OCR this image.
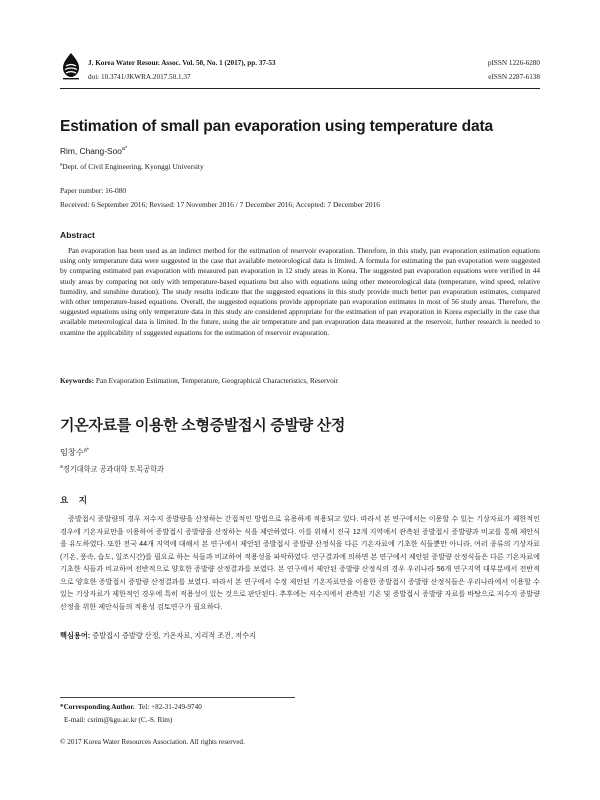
J. Korea Water Resour. Assoc. Vol. 50, No. 1 (2017), pp. 37-53
doi: 10.3741/JKWRA.2017.50.1.37
pISSN 1226-6280
eISSN 2287-6138
Estimation of small pan evaporation using temperature data
Rim, Chang-Soo$^{a*}$
$^a$Dept. of Civil Engineering, Kyonggi University
Paper number: 16-080
Received: 6 September 2016; Revised: 17 November 2016 / 7 December 2016; Accepted: 7 December 2016
Abstract

Pan evaporation has been used as an indirect method for the estimation of reservoir evaporation. Therefore, in this study, pan evaporation estimation equations using only temperature data were suggested in the case that available meteorological data is limited. A formula for estimating the pan evaporation were suggested by comparing estimated pan evaporation with measured pan evaporation in 12 study areas in Korea. The suggested pan evaporation equations were verified in 44 study areas by comparing not only with temperature-based equations but also with equations using other meteorological data (temperature, wind speed, relative humidity, and sunshine duration). The study results indicate that the suggested equations in this study provide much better pan evaporation estimates, compared with other temperature-based equations. Overall, the suggested equations provide appropriate pan evaporation estimates in most of 56 study areas. Therefore, the suggested equations using only temperature data in this study are considered appropriate for the estimation of pan evaporation in Korea especially in the case that available meteorological data is limited. In the future, using the air temperature and pan evaporation data measured at the reservoir, further research is needed to examine the applicability of suggested equations for the estimation of reservoir evaporation.

Keywords: Pan Evaporation Estimation, Temperature, Geographical Characteristics, Reservoir
기온자료를 이용한 소형증발접시 증발량 산정
임창수$^{a*}$
$^a$경기대학교 공과대학 토목공학과
요 지

증발접시 증발량의 경우 저수지 증발량을 산정하는 간접적인 방법으로 유용하게 적용되고 있다. 따라서 본 연구에서는 이용할 수 있는 기상자료가 제한적인 경우에 기온자료만을 이용하여 증발접시 증발량을 산정하는 식을 제안하였다. 이를 위해서 전국 12개 지역에서 관측된 증발접시 증발량과 비교를 통해 제안식을 유도하였다. 또한 전국 44개 지역에 대해서 본 연구에서 제안된 증발접시 증발량 산정식을 다른 기온자료에 기초한 식들뿐만 아니라, 여러 종류의 기상자료(기온, 풍속, 습도, 일조시간)를 필요로 하는 식들과 비교하여 적용성을 파악하였다. 연구결과에 의하면 본 연구에서 제안된 증발량 산정식들은 다른 기온자료에 기초한 식들과 비교하여 전반적으로 양호한 증발량 산정결과를 보였다. 본 연구에서 제안된 증발량 산정식의 경우 우리나라 56개 연구지역 대부분에서 전반적으로 양호한 증발접시 증발량 산정결과를 보였다. 따라서 본 연구에서 수정 제안된 기온자료만을 이용한 증발접시 증발량 산정식들은 우리나라에서 이용할 수 있는 기상자료가 제한적인 경우에 특히 적용성이 있는 것으로 판단된다. 추후에는 저수지에서 관측된 기온 및 증발접시 증발량 자료를 바탕으로 저수지 증발량 산정을 위한 제안식들의 적용성 검토연구가 필요하다.

핵심용어: 증발접시 증발량 산정, 기온자료, 지리적 조건, 저수지
*Corresponding Author. Tel: +82-31-249-9740
E-mail: csrim@kgu.ac.kr (C.-S. Rim)
© 2017 Korea Water Resources Association. All rights reserved.
